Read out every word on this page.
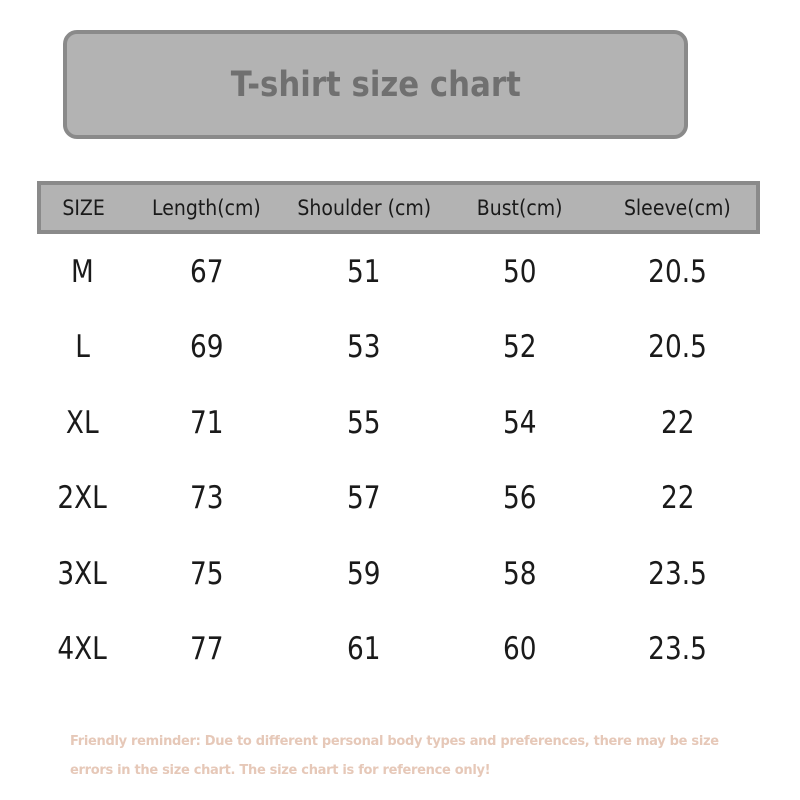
T-shirt size chart
SIZE	Length(cm)	Shoulder (cm)	Bust(cm)	Sleeve(cm)
M	67	51	50	20.5
L	69	53	52	20.5
XL	71	55	54	22
2XL	73	57	56	22
3XL	75	59	58	23.5
4XL	77	61	60	23.5

Friendly reminder: Due to different personal body types and preferences, there may be size errors in the size chart. The size chart is for reference only!
